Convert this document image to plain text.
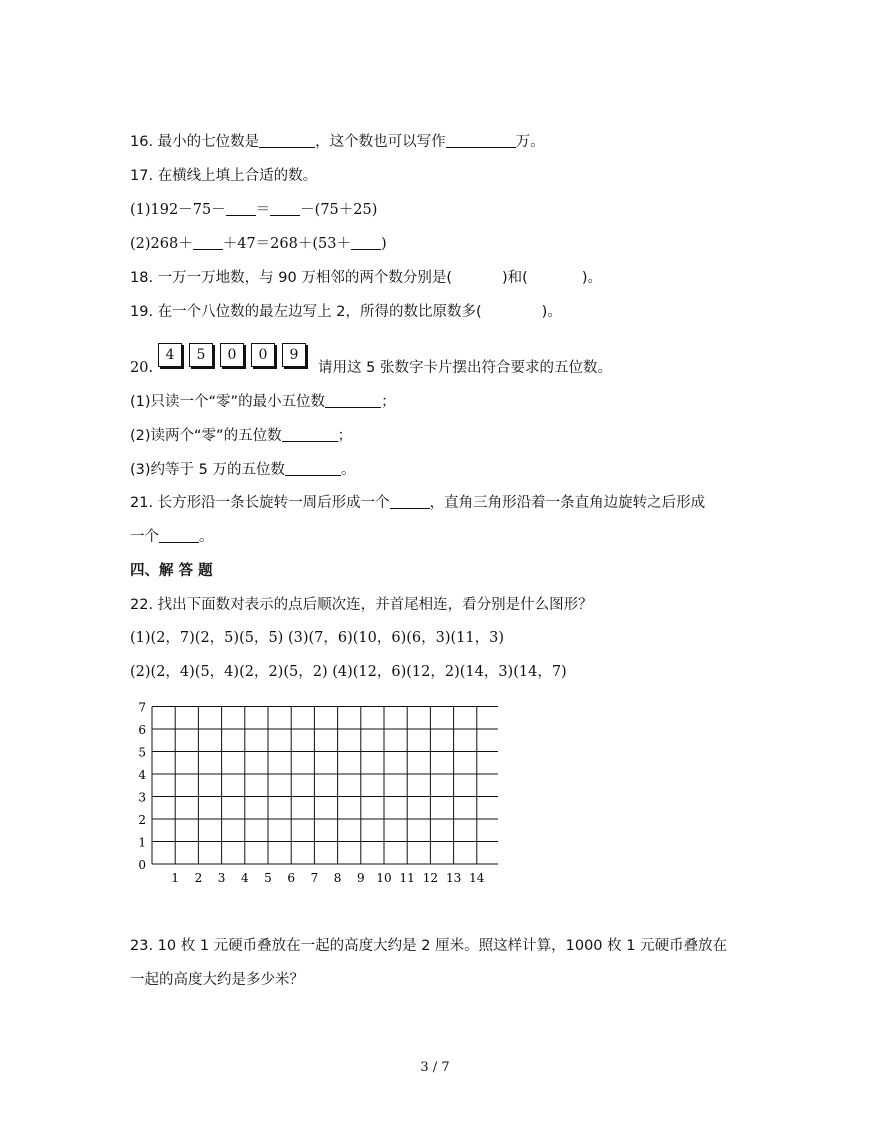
16. 最小的七位数是	，这个数也可以写作	万。
17. 在横线上填上合适的数。
(1)192－75－ ＝ －(75＋25)
(2)268＋ ＋47＝268＋(53＋ )
18. 一万一万地数，与 90 万相邻的两个数分别是(	)和(	)。
19. 在一个八位数的最左边写上 2，所得的数比原数多(	)。
20.
4	5	0	0	9
请用这 5 张数字卡片摆出符合要求的五位数。
(1)只读一个“零”的最小五位数	；
(2)读两个“零”的五位数	；
(3)约等于 5 万的五位数	。
21. 长方形沿一条长旋转一周后形成一个	，直角三角形沿着一条直角边旋转之后形成
一个	。
四、解 答 题
22. 找出下面数对表示的点后顺次连，并首尾相连，看分别是什么图形？
(1)(2，7)(2，5)(5，5) (3)(7，6)(10，6)(6，3)(11，3)
(2)(2，4)(5，4)(2，2)(5，2) (4)(12，6)(12，2)(14，3)(14，7)
1 2 3 4 5 6 7 8 9 10 11 12 13 14
0
1
2
3
4
5
6
7
23. 10 枚 1 元硬币叠放在一起的高度大约是 2 厘米。照这样计算，1000 枚 1 元硬币叠放在
一起的高度大约是多少米？
3 / 7
